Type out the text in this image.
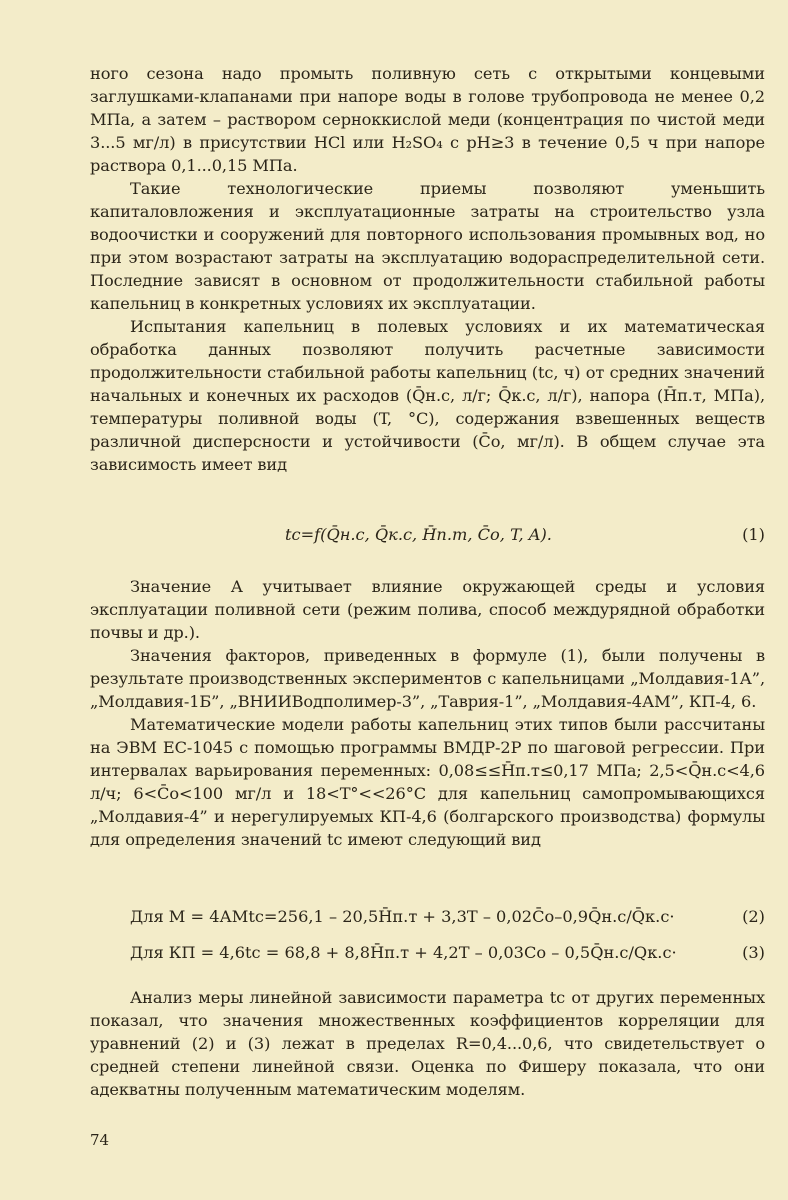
ного сезона надо промыть поливную сеть с открытыми концевыми заглушками-клапанами при напоре воды в голове трубопровода не менее 0,2 МПа, а затем – раствором серноккислой меди (концентрация по чистой меди 3...5 мг/л) в присутствии HCl или H₂SO₄ с pH≥3 в течение 0,5 ч при напоре раствора 0,1...0,15 МПа.

Такие технологические приемы позволяют уменьшить капиталовложения и эксплуатационные затраты на строительство узла водоочистки и сооружений для повторного использования промывных вод, но при этом возрастают затраты на эксплуатацию водораспределительной сети. Последние зависят в основном от продолжительности стабильной работы капельниц в конкретных условиях их эксплуатации.

Испытания капельниц в полевых условиях и их математическая обработка данных позволяют получить расчетные зависимости продолжительности стабильной работы капельниц (tс, ч) от средних значений начальных и конечных их расходов (Q̄н.с, л/г; Q̄к.с, л/г), напора (H̄п.т, МПа), температуры поливной воды (T, °C), содержания взвешенных веществ различной дисперсности и устойчивости (C̄о, мг/л). В общем случае эта зависимость имеет вид

tс=f(Q̄н.с, Q̄к.с, H̄п.т, C̄о, T, A).	(1)

Значение A учитывает влияние окружающей среды и условия эксплуатации поливной сети (режим полива, способ междурядной обработки почвы и др.).

Значения факторов, приведенных в формуле (1), были получены в результате производственных экспериментов с капельницами „Молдавия-1А”, „Молдавия-1Б”, „ВНИИВодполимер-3”, „Таврия-1”, „Молдавия-4АМ”, КП-4, 6.

Математические модели работы капельниц этих типов были рассчитаны на ЭВМ ЕС-1045 с помощью программы ВМДР-2Р по шаговой регрессии. При интервалах варьирования переменных: 0,08≤≤H̄п.т≤0,17 МПа; 2,5<Q̄н.с<4,6 л/ч; 6<C̄о<100 мг/л и 18<T°<<26°C для капельниц самопромывающихся „Молдавия-4” и нерегулируемых КП-4,6 (болгарского производства) формулы для определения значений tс имеют следующий вид

Для М = 4АМtс=256,1 – 20,5H̄п.т + 3,3T – 0,02C̄о–0,9Q̄н.с/Q̄к.с·	(2)
Для КП = 4,6tс = 68,8 + 8,8H̄п.т + 4,2T – 0,03Cо – 0,5Q̄н.с/Qк.с·	(3)

Анализ меры линейной зависимости параметра tс от других переменных показал, что значения множественных коэффициентов корреляции для уравнений (2) и (3) лежат в пределах R=0,4...0,6, что свидетельствует о средней степени линейной связи. Оценка по Фишеру показала, что они адекватны полученным математическим моделям.

74
